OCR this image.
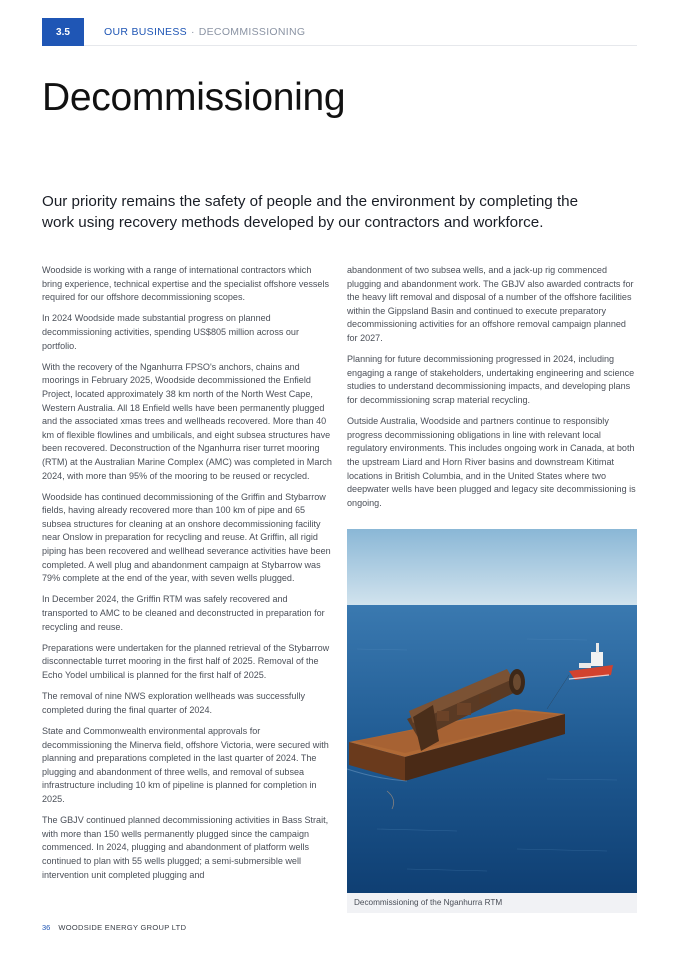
3.5	OUR BUSINESS · DECOMMISSIONING
Decommissioning

Our priority remains the safety of people and the environment by completing the work using recovery methods developed by our contractors and workforce.

Woodside is working with a range of international contractors which bring experience, technical expertise and the specialist offshore vessels required for our offshore decommissioning scopes.

In 2024 Woodside made substantial progress on planned decommissioning activities, spending US$805 million across our portfolio.

With the recovery of the Nganhurra FPSO's anchors, chains and moorings in February 2025, Woodside decommissioned the Enfield Project, located approximately 38 km north of the North West Cape, Western Australia. All 18 Enfield wells have been permanently plugged and the associated xmas trees and wellheads recovered. More than 40 km of flexible flowlines and umbilicals, and eight subsea structures have been recovered. Deconstruction of the Nganhurra riser turret mooring (RTM) at the Australian Marine Complex (AMC) was completed in March 2024, with more than 95% of the mooring to be reused or recycled.

Woodside has continued decommissioning of the Griffin and Stybarrow fields, having already recovered more than 100 km of pipe and 65 subsea structures for cleaning at an onshore decommissioning facility near Onslow in preparation for recycling and reuse. At Griffin, all rigid piping has been recovered and wellhead severance activities have been completed. A well plug and abandonment campaign at Stybarrow was 79% complete at the end of the year, with seven wells plugged.

In December 2024, the Griffin RTM was safely recovered and transported to AMC to be cleaned and deconstructed in preparation for recycling and reuse.

Preparations were undertaken for the planned retrieval of the Stybarrow disconnectable turret mooring in the first half of 2025. Removal of the Echo Yodel umbilical is planned for the first half of 2025.

The removal of nine NWS exploration wellheads was successfully completed during the final quarter of 2024.

State and Commonwealth environmental approvals for decommissioning the Minerva field, offshore Victoria, were secured with planning and preparations completed in the last quarter of 2024. The plugging and abandonment of three wells, and removal of subsea infrastructure including 10 km of pipeline is planned for completion in 2025.

The GBJV continued planned decommissioning activities in Bass Strait, with more than 150 wells permanently plugged since the campaign commenced. In 2024, plugging and abandonment of platform wells continued to plan with 55 wells plugged; a semi-submersible well intervention unit completed plugging and

abandonment of two subsea wells, and a jack-up rig commenced plugging and abandonment work. The GBJV also awarded contracts for the heavy lift removal and disposal of a number of the offshore facilities within the Gippsland Basin and continued to execute preparatory decommissioning activities for an offshore removal campaign planned for 2027.

Planning for future decommissioning progressed in 2024, including engaging a range of stakeholders, undertaking engineering and science studies to understand decommissioning impacts, and developing plans for decommissioning scrap material recycling.

Outside Australia, Woodside and partners continue to responsibly progress decommissioning obligations in line with relevant local regulatory environments. This includes ongoing work in Canada, at both the upstream Liard and Horn River basins and downstream Kitimat locations in British Columbia, and in the United States where two deepwater wells have been plugged and legacy site decommissioning is ongoing.

Decommissioning of the Nganhurra RTM
36 WOODSIDE ENERGY GROUP LTD
